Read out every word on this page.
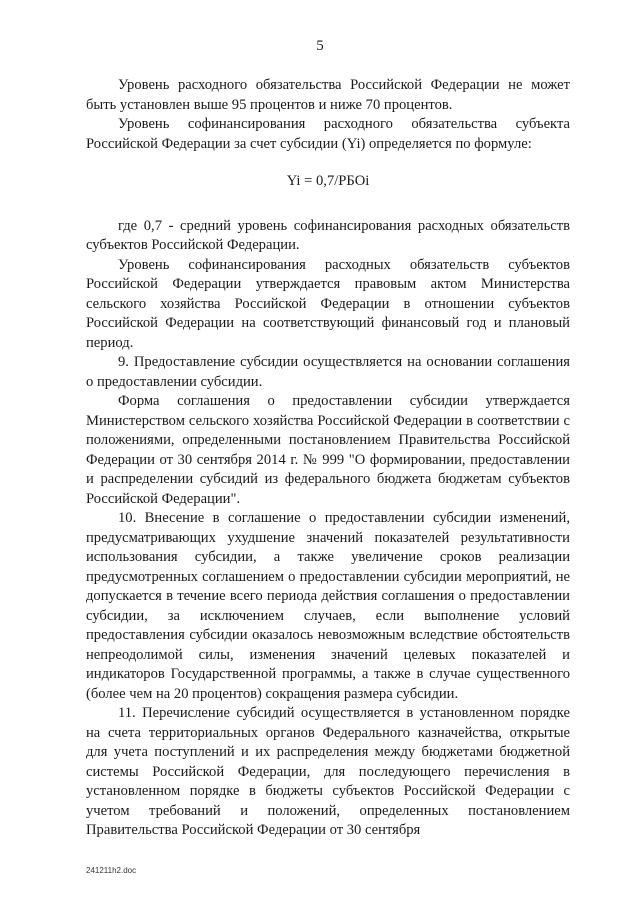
5

Уровень расходного обязательства Российской Федерации не может быть установлен выше 95 процентов и ниже 70 процентов.

Уровень софинансирования расходного обязательства субъекта Российской Федерации за счет субсидии (Yi) определяется по формуле:

Yi = 0,7/РБОi

где 0,7 - средний уровень софинансирования расходных обязательств субъектов Российской Федерации.

Уровень софинансирования расходных обязательств субъектов Российской Федерации утверждается правовым актом Министерства сельского хозяйства Российской Федерации в отношении субъектов Российской Федерации на соответствующий финансовый год и плановый период.

9. Предоставление субсидии осуществляется на основании соглашения о предоставлении субсидии.

Форма соглашения о предоставлении субсидии утверждается Министерством сельского хозяйства Российской Федерации в соответствии с положениями, определенными постановлением Правительства Российской Федерации от 30 сентября 2014 г. № 999 "О формировании, предоставлении и распределении субсидий из федерального бюджета бюджетам субъектов Российской Федерации".

10. Внесение в соглашение о предоставлении субсидии изменений, предусматривающих ухудшение значений показателей результативности использования субсидии, а также увеличение сроков реализации предусмотренных соглашением о предоставлении субсидии мероприятий, не допускается в течение всего периода действия соглашения о предоставлении субсидии, за исключением случаев, если выполнение условий предоставления субсидии оказалось невозможным вследствие обстоятельств непреодолимой силы, изменения значений целевых показателей и индикаторов Государственной программы, а также в случае существенного (более чем на 20 процентов) сокращения размера субсидии.

11. Перечисление субсидий осуществляется в установленном порядке на счета территориальных органов Федерального казначейства, открытые для учета поступлений и их распределения между бюджетами бюджетной системы Российской Федерации, для последующего перечисления в установленном порядке в бюджеты субъектов Российской Федерации с учетом требований и положений, определенных постановлением Правительства Российской Федерации от 30 сентября

241211h2.doc
